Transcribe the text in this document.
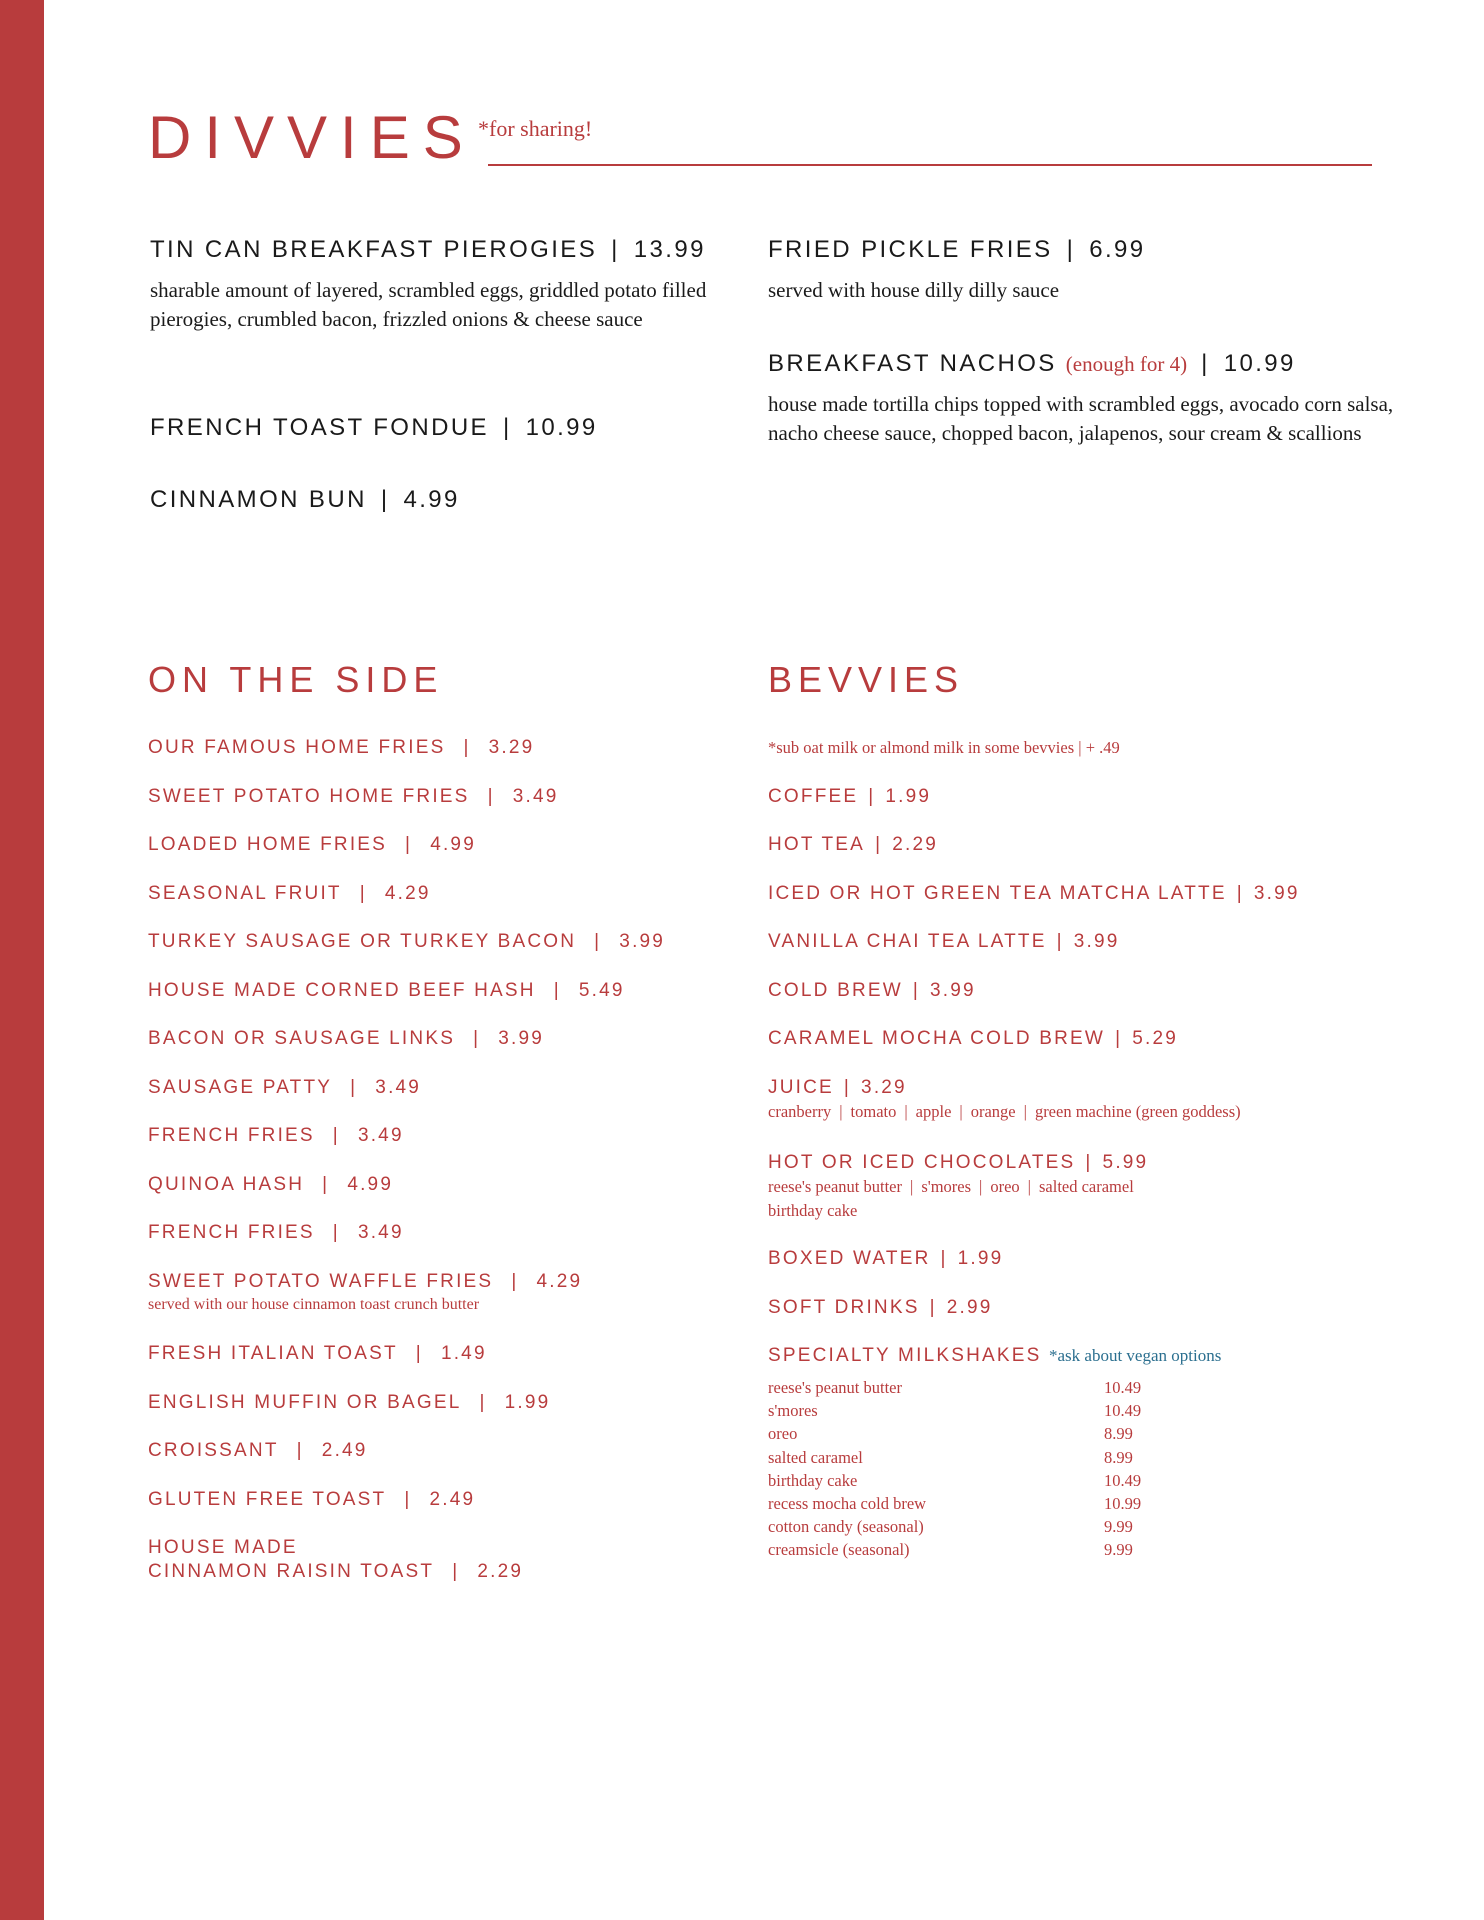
DIVVIES *for sharing!
TIN CAN BREAKFAST PIEROGIES | 13.99
sharable amount of layered, scrambled eggs, griddled potato filled pierogies, crumbled bacon, frizzled onions & cheese sauce
FRENCH TOAST FONDUE | 10.99
CINNAMON BUN | 4.99
FRIED PICKLE FRIES | 6.99
served with house dilly dilly sauce
BREAKFAST NACHOS (enough for 4) | 10.99
house made tortilla chips topped with scrambled eggs, avocado corn salsa, nacho cheese sauce, chopped bacon, jalapenos, sour cream & scallions
ON THE SIDE	BEVVIES
OUR FAMOUS HOME FRIES | 3.29
SWEET POTATO HOME FRIES | 3.49
LOADED HOME FRIES | 4.99
SEASONAL FRUIT | 4.29
TURKEY SAUSAGE OR TURKEY BACON | 3.99
HOUSE MADE CORNED BEEF HASH | 5.49
BACON OR SAUSAGE LINKS | 3.99
SAUSAGE PATTY | 3.49
FRENCH FRIES | 3.49
QUINOA HASH | 4.99
FRENCH FRIES | 3.49
SWEET POTATO WAFFLE FRIES | 4.29
served with our house cinnamon toast crunch butter
FRESH ITALIAN TOAST | 1.49
ENGLISH MUFFIN OR BAGEL | 1.99
CROISSANT | 2.49
GLUTEN FREE TOAST | 2.49
HOUSE MADE
CINNAMON RAISIN TOAST | 2.29
*sub oat milk or almond milk in some bevvies | + .49
COFFEE | 1.99
HOT TEA | 2.29
ICED OR HOT GREEN TEA MATCHA LATTE | 3.99
VANILLA CHAI TEA LATTE | 3.99
COLD BREW | 3.99
CARAMEL MOCHA COLD BREW | 5.29
JUICE | 3.29
cranberry | tomato | apple | orange | green machine (green goddess)
HOT OR ICED CHOCOLATES | 5.99
reese's peanut butter | s'mores | oreo | salted caramel
birthday cake
BOXED WATER | 1.99
SOFT DRINKS | 2.99
SPECIALTY MILKSHAKES *ask about vegan options
reese's peanut butter	10.49
s'mores	10.49
oreo	8.99
salted caramel	8.99
birthday cake	10.49
recess mocha cold brew	10.99
cotton candy (seasonal)	9.99
creamsicle (seasonal)	9.99
